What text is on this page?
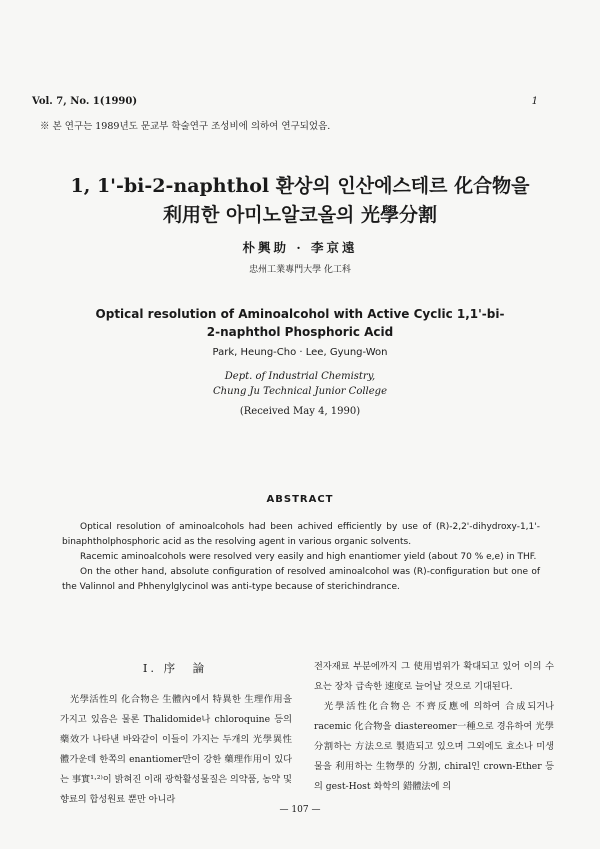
Vol. 7, No. 1(1990)	1
※ 본 연구는 1989년도 문교부 학술연구 조성비에 의하여 연구되었음.
1, 1'-bi-2-naphthol 환상의 인산에스테르 化合物을
利用한 아미노알코올의 光學分割
朴興助 · 李京遠
忠州工業專門大學 化工科
Optical resolution of Aminoalcohol with Active Cyclic 1,1'-bi-
2-naphthol Phosphoric Acid
Park, Heung-Cho · Lee, Gyung-Won
Dept. of Industrial Chemistry,
Chung Ju Technical Junior College
(Received May 4, 1990)
ABSTRACT

Optical resolution of aminoalcohols had been achived efficiently by use of (R)-2,2'-dihydroxy-1,1'-binaphtholphosphoric acid as the resolving agent in various organic solvents.

Racemic aminoalcohols were resolved very easily and high enantiomer yield (about 70 % e,e) in THF.

On the other hand, absolute configuration of resolved aminoalcohol was (R)-configuration but one of the Valinnol and Phhenylglycinol was anti-type because of sterichindrance.

Ⅰ. 序　論

光學活性의 化合物은 生體內에서 特異한 生理作用을 가지고 있음은 물론 Thalidomide나 chloroquine 등의 藥效가 나타낸 바와같이 이들이 가지는 두개의 光學異性體가운데 한쪽의 enantiomer만이 강한 藥理作用이 있다는 事實¹·²⁾이 밝혀진 이래 광학활성물질은 의약품, 농약 및 향료의 합성원료 뿐만 아니라

전자재료 부분에까지 그 使用범위가 확대되고 있어 이의 수요는 장차 급속한 速度로 늘어날 것으로 기대된다.

光學活性化合物은 不齊反應에 의하여 合成되거나 racemic 化合物을 diastereomer一種으로 경유하여 光學分割하는 方法으로 製造되고 있으며 그외에도 효소나 미생물을 利用하는 生物學的 分割, chiral인 crown-Ether 등의 gest-Host 화학의 錯體法에 의

— 107 —
